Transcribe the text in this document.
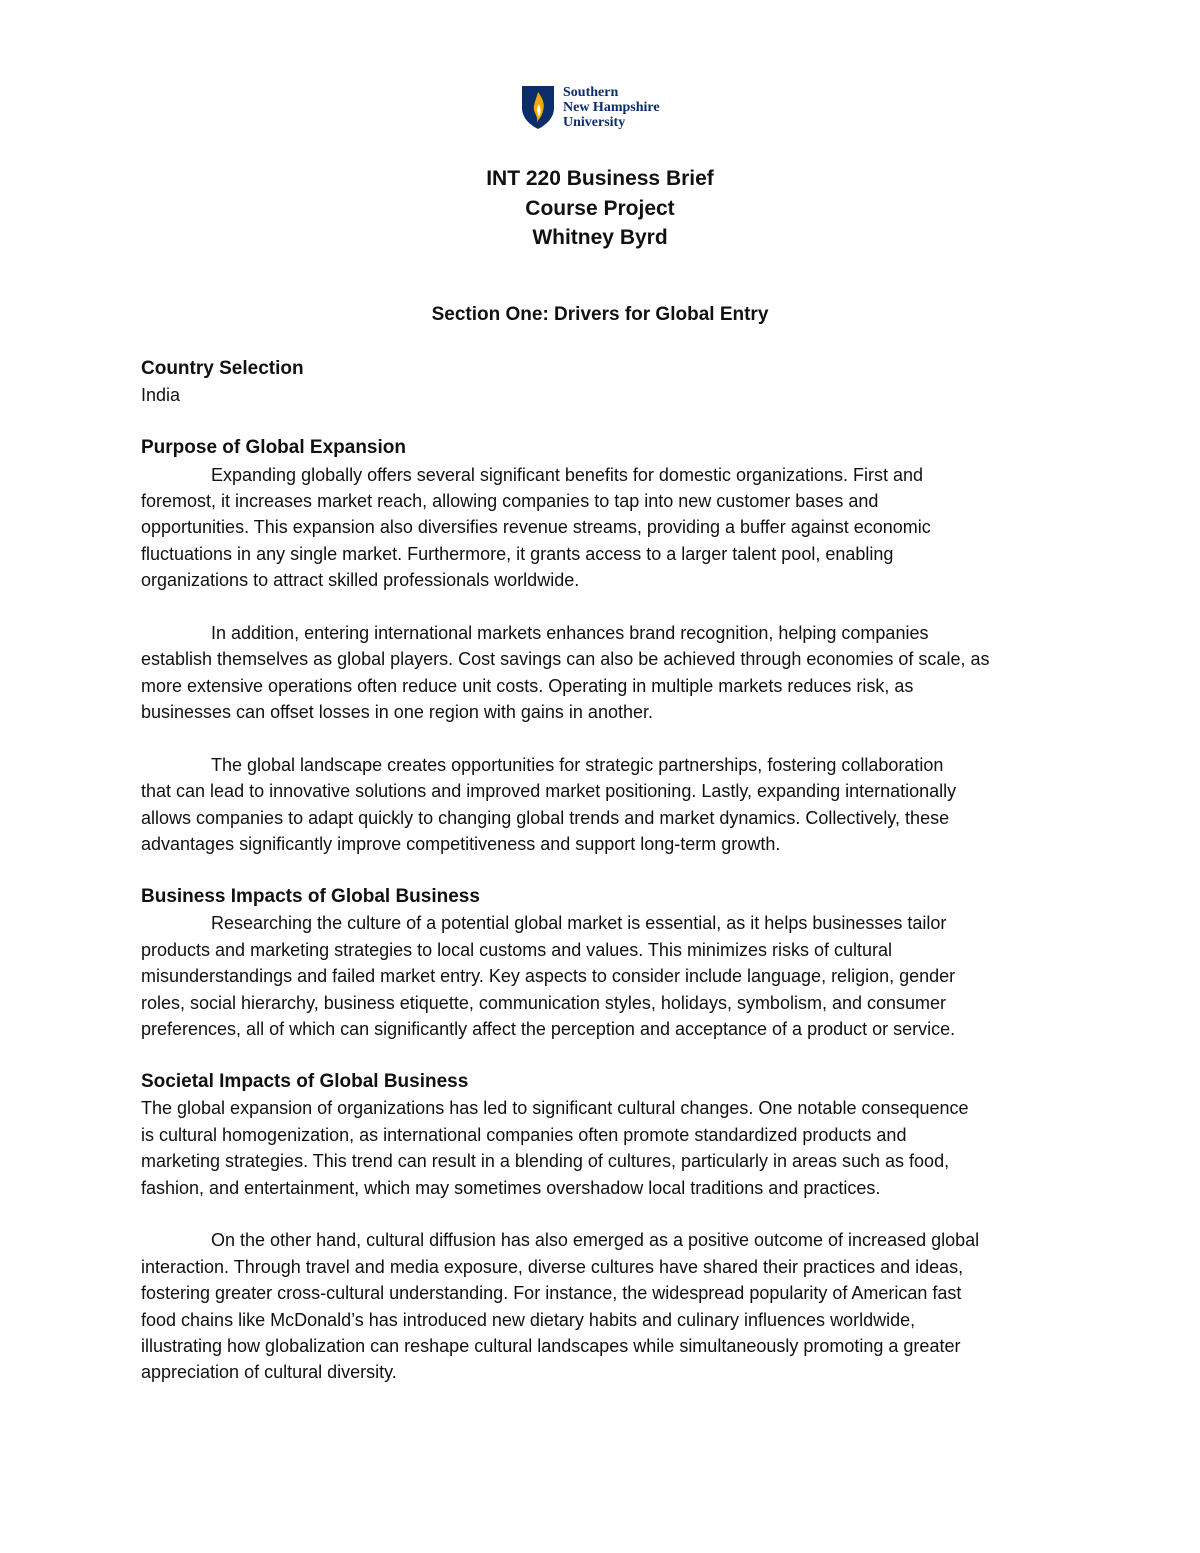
Southern
New Hampshire
University
INT 220 Business Brief
Course Project
Whitney Byrd
Section One: Drivers for Global Entry
Country Selection
India
Purpose of Global Expansion
Expanding globally offers several significant benefits for domestic organizations. First and
foremost, it increases market reach, allowing companies to tap into new customer bases and
opportunities. This expansion also diversifies revenue streams, providing a buffer against economic
fluctuations in any single market. Furthermore, it grants access to a larger talent pool, enabling
organizations to attract skilled professionals worldwide.
In addition, entering international markets enhances brand recognition, helping companies
establish themselves as global players. Cost savings can also be achieved through economies of scale, as
more extensive operations often reduce unit costs. Operating in multiple markets reduces risk, as
businesses can offset losses in one region with gains in another.
The global landscape creates opportunities for strategic partnerships, fostering collaboration
that can lead to innovative solutions and improved market positioning. Lastly, expanding internationally
allows companies to adapt quickly to changing global trends and market dynamics. Collectively, these
advantages significantly improve competitiveness and support long-term growth.
Business Impacts of Global Business
Researching the culture of a potential global market is essential, as it helps businesses tailor
products and marketing strategies to local customs and values. This minimizes risks of cultural
misunderstandings and failed market entry. Key aspects to consider include language, religion, gender
roles, social hierarchy, business etiquette, communication styles, holidays, symbolism, and consumer
preferences, all of which can significantly affect the perception and acceptance of a product or service.
Societal Impacts of Global Business
The global expansion of organizations has led to significant cultural changes. One notable consequence
is cultural homogenization, as international companies often promote standardized products and
marketing strategies. This trend can result in a blending of cultures, particularly in areas such as food,
fashion, and entertainment, which may sometimes overshadow local traditions and practices.
On the other hand, cultural diffusion has also emerged as a positive outcome of increased global
interaction. Through travel and media exposure, diverse cultures have shared their practices and ideas,
fostering greater cross-cultural understanding. For instance, the widespread popularity of American fast
food chains like McDonald’s has introduced new dietary habits and culinary influences worldwide,
illustrating how globalization can reshape cultural landscapes while simultaneously promoting a greater
appreciation of cultural diversity.
